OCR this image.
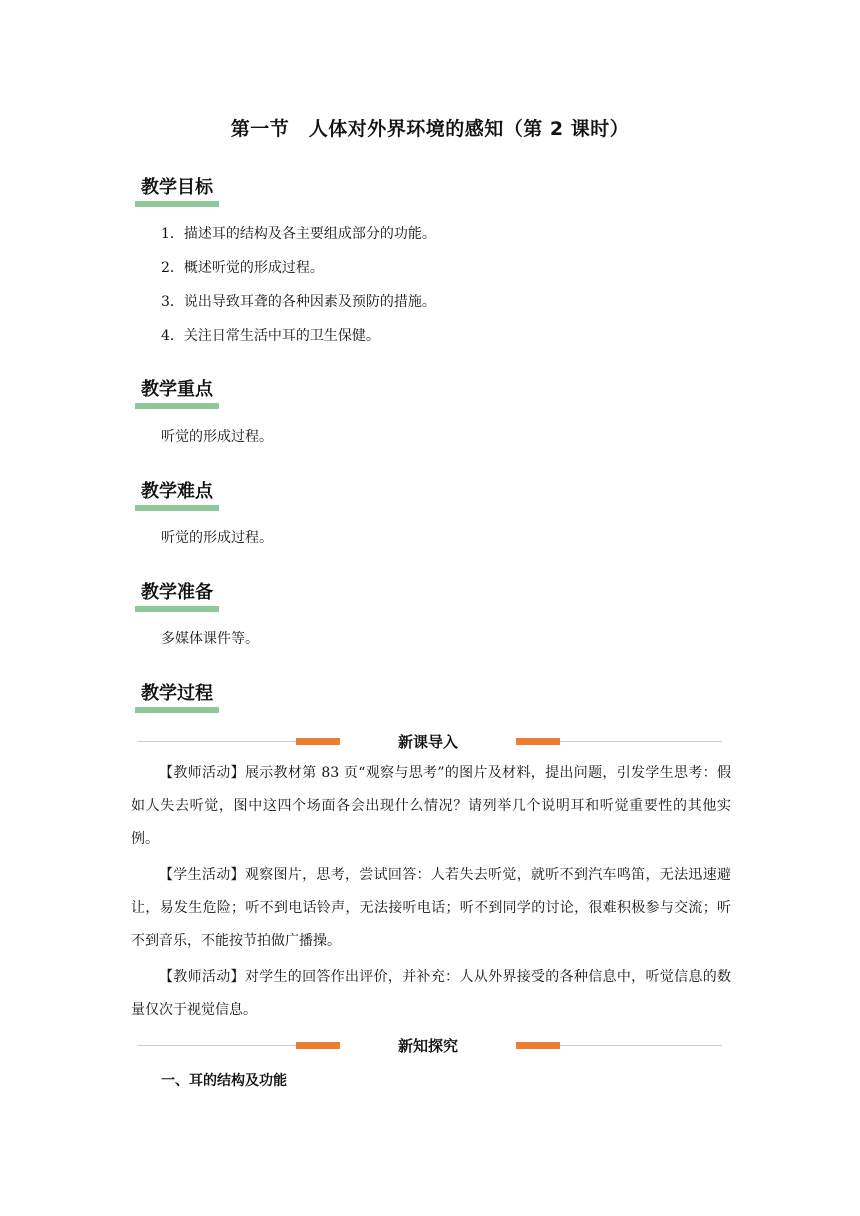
第一节　人体对外界环境的感知（第 2 课时）
教学目标
1．描述耳的结构及各主要组成部分的功能。
2．概述听觉的形成过程。
3．说出导致耳聋的各种因素及预防的措施。
4．关注日常生活中耳的卫生保健。
教学重点
听觉的形成过程。
教学难点
听觉的形成过程。
教学准备
多媒体课件等。
教学过程
新课导入
【教师活动】展示教材第 83 页“观察与思考”的图片及材料，提出问题，引发学生思考：假如人失去听觉，图中这四个场面各会出现什么情况？请列举几个说明耳和听觉重要性的其他实例。
【学生活动】观察图片，思考，尝试回答：人若失去听觉，就听不到汽车鸣笛，无法迅速避让，易发生危险；听不到电话铃声，无法接听电话；听不到同学的讨论，很难积极参与交流；听不到音乐，不能按节拍做广播操。
【教师活动】对学生的回答作出评价，并补充：人从外界接受的各种信息中，听觉信息的数量仅次于视觉信息。
新知探究
一、耳的结构及功能
